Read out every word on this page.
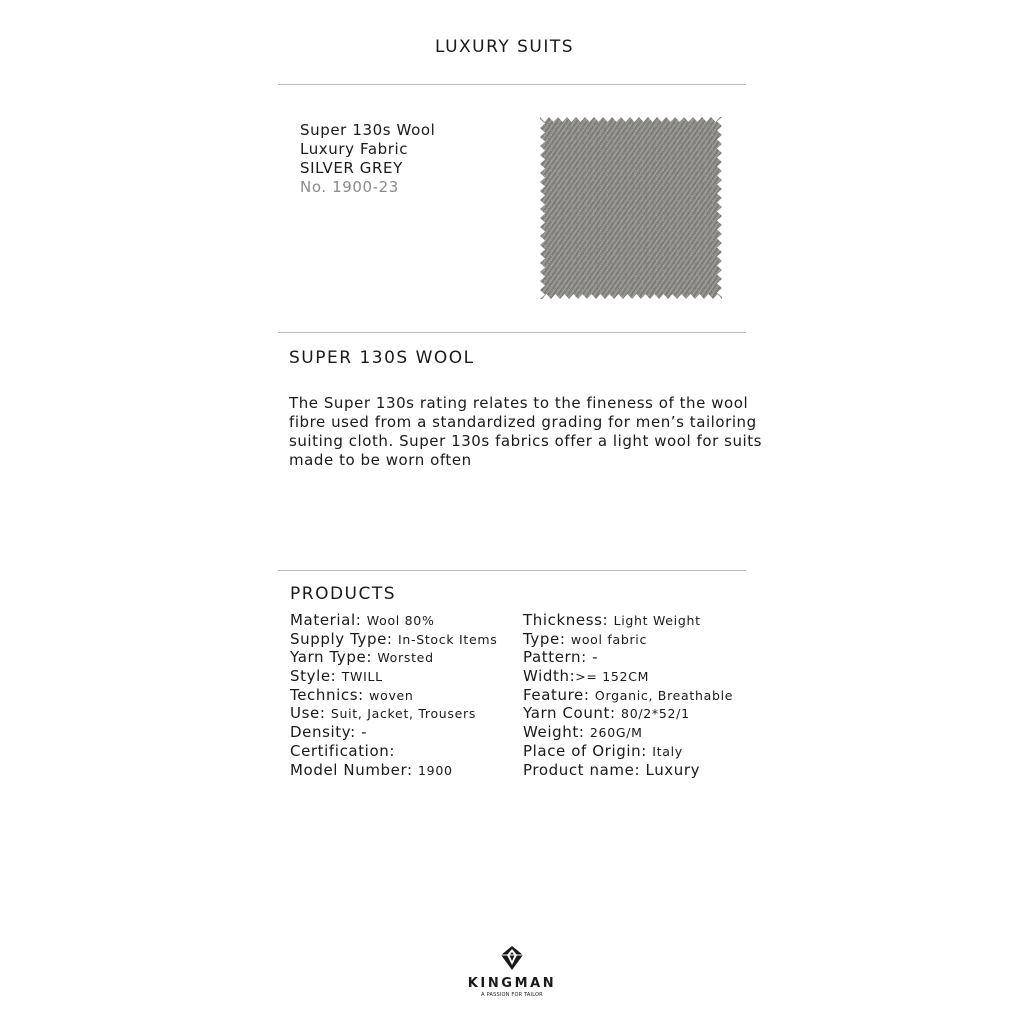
LUXURY SUITS
Super 130s Wool
Luxury Fabric
SILVER GREY
No. 1900-23
SUPER 130S WOOL
The Super 130s rating relates to the fineness of the wool fibre used from a standardized grading for men’s tailoring suiting cloth. Super 130s fabrics offer a light wool for suits made to be worn often
PRODUCTS
Material: Wool 80%
Supply Type: In-Stock Items
Yarn Type: Worsted
Style: TWILL
Technics: woven
Use: Suit, Jacket, Trousers
Density: -
Certification:
Model Number: 1900
Thickness: Light Weight
Type: wool fabric
Pattern: -
Width:>= 152CM
Feature: Organic, Breathable
Yarn Count: 80/2*52/1
Weight: 260G/M
Place of Origin: Italy
Product name: Luxury
KINGMAN
A PASSION FOR TAILOR
